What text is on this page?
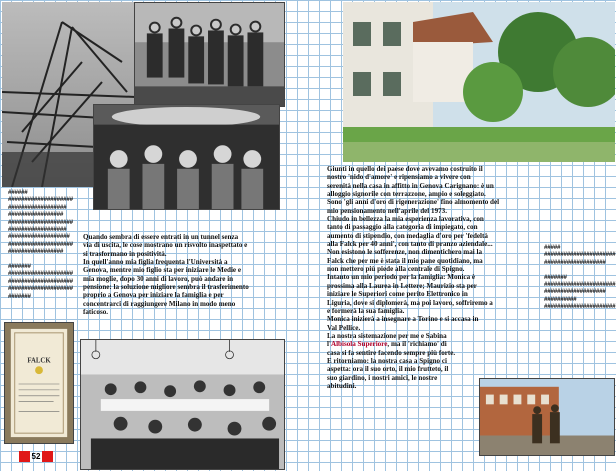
FALCK
######
####################
##################
#################
####################
##################
###################
####################
#################

#######
####################
####################
####################
#######
Quando sembra di essere entrati in un tunnel senza
via di uscita, le cose mostrano un risvolto inaspettato e
si trasformano in positività.
In quell'anno mia figlia frequenta l'Università a
Genova, mentre mio figlio sta per iniziare le Medie e
mia moglie, dopo 30 anni di lavoro, può andare in
pensione: la soluzione migliore sembra il trasferimento
proprio a Genova per iniziare la famiglia e per
concentrarci di raggiungere Milano in modo meno
faticoso.
Giunti in quello dei paese dove avevamo costruito il
nostro 'nido d'amore' e ripensiamo a vivere con
serenità nella casa in affitto in Genova Carignano: è un
alloggio signorile con terrazzone, ampio e soleggiato.
Sono 'gli anni d'oro di rigenerazione' fino almomento del
mio pensionamento nell'aprile del 1973.
Chiudo in bellezza la mia esperienza lavorativa, con
tanto di passaggio alla categoria di impiegato, con
aumento di stipendio, con medaglia d'oro per 'fedeltà
alla Falck per 40 anni', con tanto di pranzo aziendale...
Non esistono le sofferenze, non dimentichero mai la
Falck che per me è stata il mio pane quotidiano, ma
non mettero più piede alla centrale di Spigno.
Intanto un mio periodo per la famiglia: Monica è
prossima alla Laurea in Lettere; Maurizio sta per
iniziare le Superiori come perito Elettronico in
Liguria, dove si diplomerà, ma poi lavoro, soffriremo a
e formerà la sua famiglia.
Monica inizierà a insegnare a Torino e si accasa in
Val Pellice.
La nostra sistemazione per me e Sabina
l'Albisola Superiore, ma il 'richiamo' di
casa si fa sentire facendo sempre più forte.
E ritorniamo: la nostra casa a Spigno ci
aspetta: ora il suo orto, il mio frutteto, il
suo giardino, i nostri amici, le nostre
abitudini.
#####
######################
###################

#######
######################
###################
##########
######################
52
